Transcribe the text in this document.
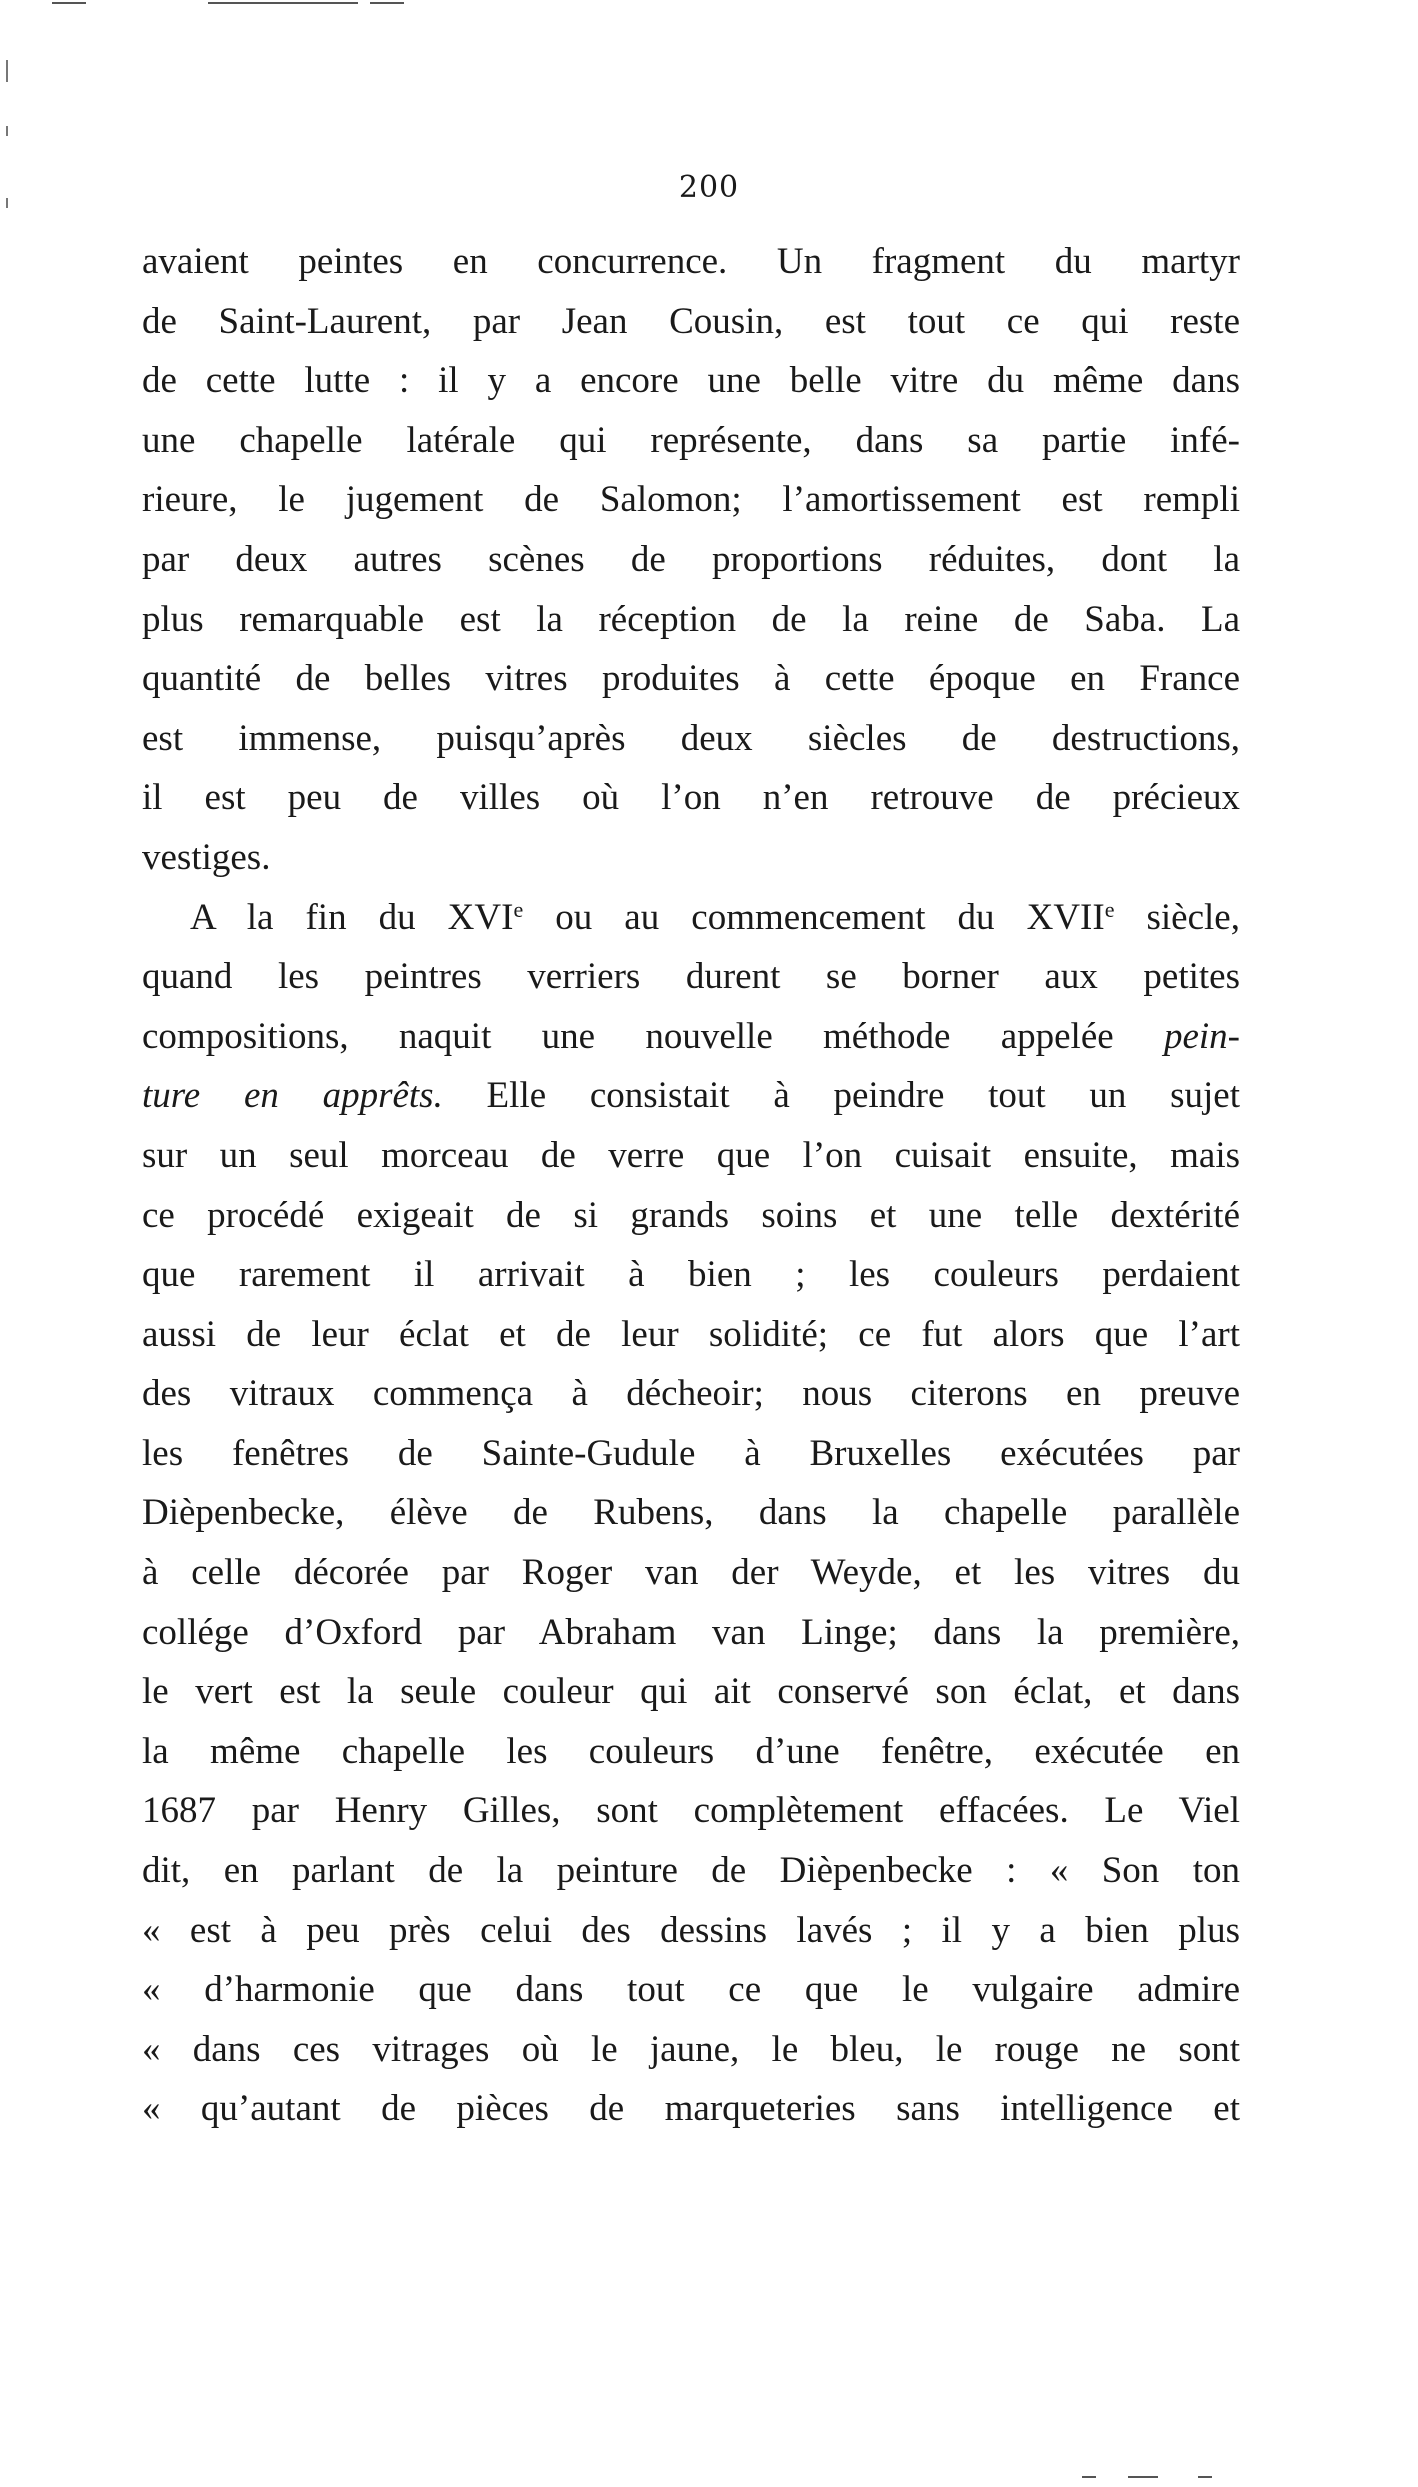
200
avaient peintes en concurrence. Un fragment du martyr
de Saint-Laurent, par Jean Cousin, est tout ce qui reste
de cette lutte : il y a encore une belle vitre du même dans
une chapelle latérale qui représente, dans sa partie infé-
rieure, le jugement de Salomon; l’amortissement est rempli
par deux autres scènes de proportions réduites, dont la
plus remarquable est la réception de la reine de Saba. La
quantité de belles vitres produites à cette époque en France
est immense, puisqu’après deux siècles de destructions,
il est peu de villes où l’on n’en retrouve de précieux
vestiges.
A la fin du XVIe ou au commencement du XVIIe siècle,
quand les peintres verriers durent se borner aux petites
compositions, naquit une nouvelle méthode appelée pein-
ture en apprêts. Elle consistait à peindre tout un sujet
sur un seul morceau de verre que l’on cuisait ensuite, mais
ce procédé exigeait de si grands soins et une telle dextérité
que rarement il arrivait à bien ; les couleurs perdaient
aussi de leur éclat et de leur solidité; ce fut alors que l’art
des vitraux commença à décheoir; nous citerons en preuve
les fenêtres de Sainte-Gudule à Bruxelles exécutées par
Dièpenbecke, élève de Rubens, dans la chapelle parallèle
à celle décorée par Roger van der Weyde, et les vitres du
collége d’Oxford par Abraham van Linge; dans la première,
le vert est la seule couleur qui ait conservé son éclat, et dans
la même chapelle les couleurs d’une fenêtre, exécutée en
1687 par Henry Gilles, sont complètement effacées. Le Viel
dit, en parlant de la peinture de Dièpenbecke : « Son ton
« est à peu près celui des dessins lavés ; il y a bien plus
« d’harmonie que dans tout ce que le vulgaire admire
« dans ces vitrages où le jaune, le bleu, le rouge ne sont
« qu’autant de pièces de marqueteries sans intelligence et
